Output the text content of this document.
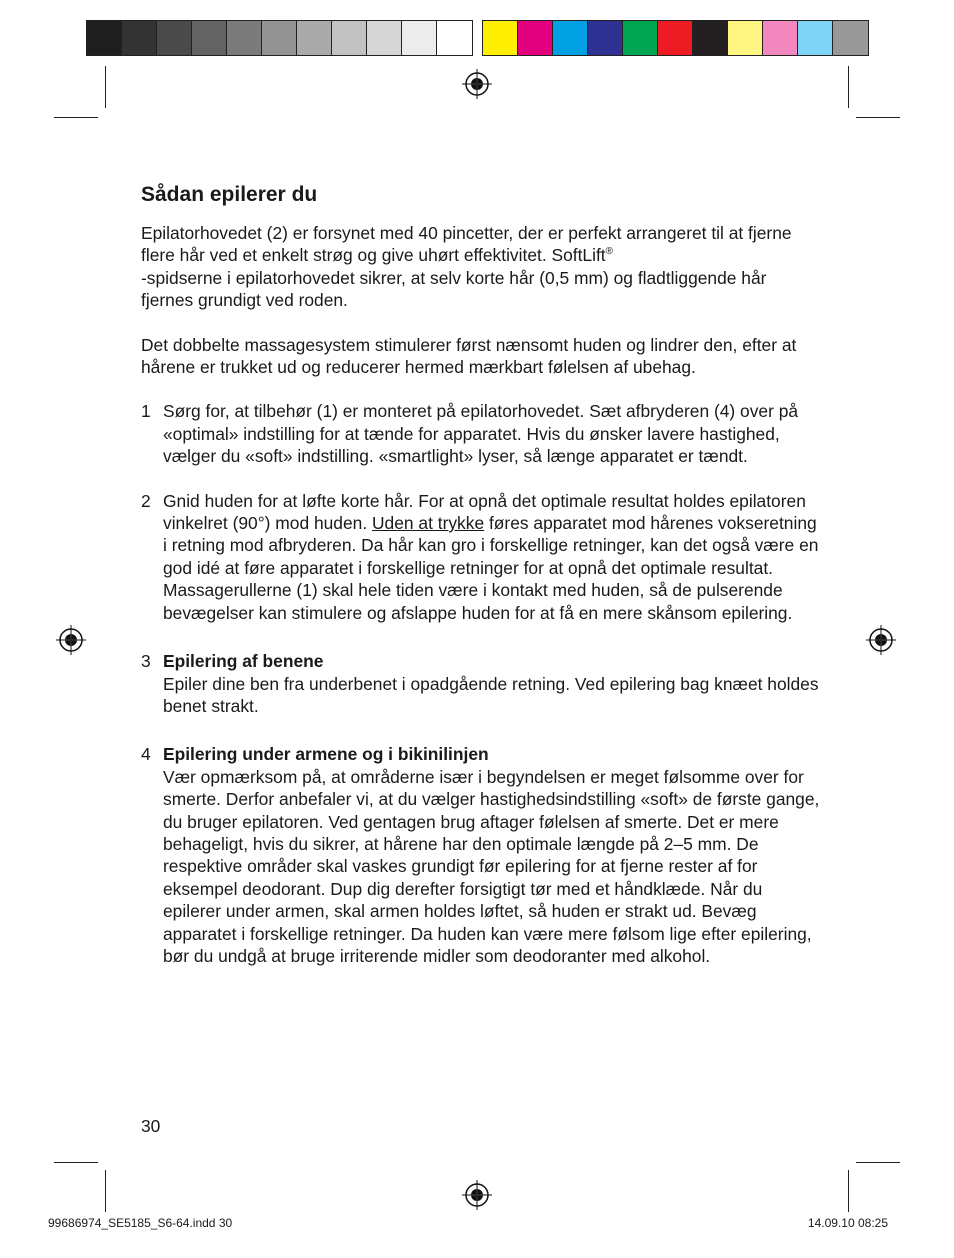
Sådan epilerer du

Epilatorhovedet (2) er forsynet med 40 pincetter, der er perfekt arrangeret til at fjerne flere hår ved et enkelt strøg og give uhørt effektivitet. SoftLift®
-spidserne i epilatorhovedet sikrer, at selv korte hår (0,5 mm) og fladtliggende hår fjernes grundigt ved roden.

Det dobbelte massagesystem stimulerer først nænsomt huden og lindrer den, efter at hårene er trukket ud og reducerer hermed mærkbart følelsen af ubehag.

1 Sørg for, at tilbehør (1) er monteret på epilatorhovedet. Sæt afbryderen (4) over på «optimal» indstilling for at tænde for apparatet. Hvis du ønsker lavere hastighed, vælger du «soft» indstilling. «smartlight» lyser, så længe apparatet er tændt.
2 Gnid huden for at løfte korte hår. For at opnå det optimale resultat holdes epilatoren vinkelret (90°) mod huden. Uden at trykke føres apparatet mod hårenes vokseretning i retning mod afbryderen. Da hår kan gro i forskellige retninger, kan det også være en god idé at føre apparatet i forskellige retninger for at opnå det optimale resultat. Massagerullerne (1) skal hele tiden være i kontakt med huden, så de pulserende bevægelser kan stimulere og afslappe huden for at få en mere skånsom epilering.
3 Epilering af benene
Epiler dine ben fra underbenet i opadgående retning. Ved epilering bag knæet holdes benet strakt.
4 Epilering under armene og i bikinilinjen
Vær opmærksom på, at områderne især i begyndelsen er meget følsomme over for smerte. Derfor anbefaler vi, at du vælger hastighedsindstilling «soft» de første gange, du bruger epilatoren. Ved gentagen brug aftager følelsen af smerte. Det er mere behageligt, hvis du sikrer, at hårene har den optimale længde på 2–5 mm. De respektive områder skal vaskes grundigt før epilering for at fjerne rester af for eksempel deodorant. Dup dig derefter forsigtigt tør med et håndklæde. Når du epilerer under armen, skal armen holdes løftet, så huden er strakt ud. Bevæg apparatet i forskellige retninger. Da huden kan være mere følsom lige efter epilering, bør du undgå at bruge irriterende midler som deodoranter med alkohol.
30
99686974_SE5185_S6-64.indd 30	14.09.10 08:25
